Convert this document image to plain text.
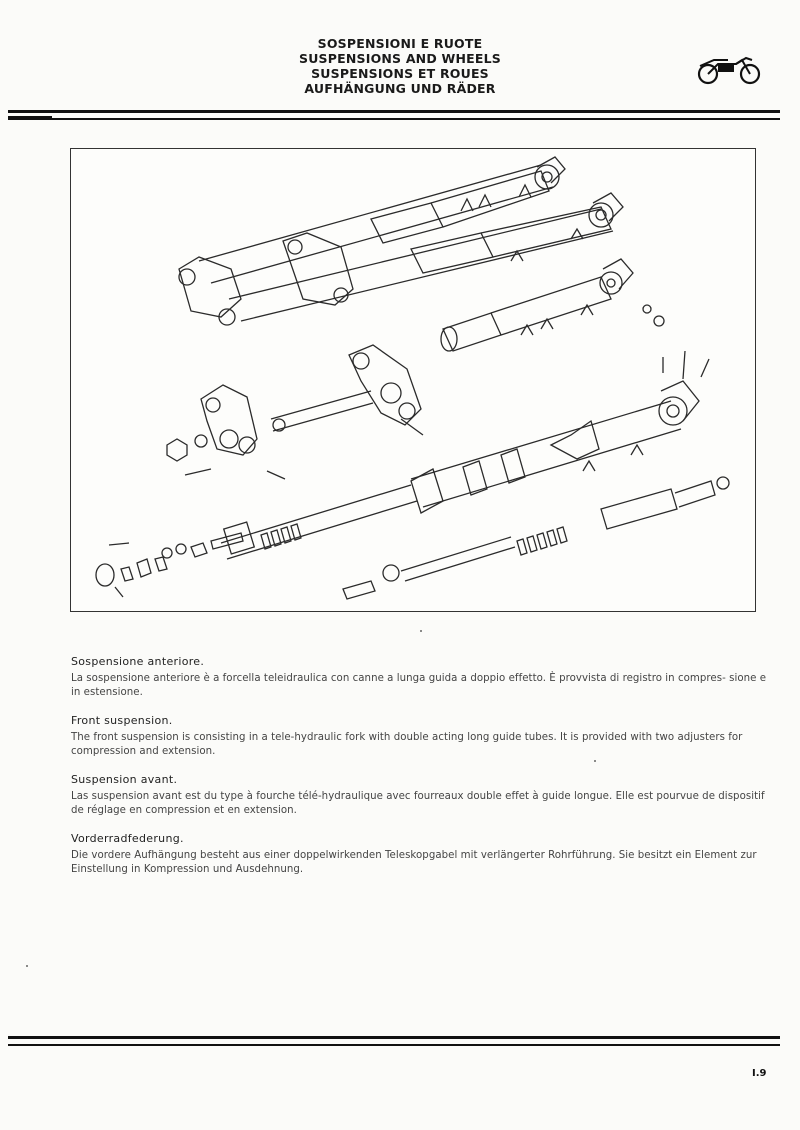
SOSPENSIONI E RUOTE
SUSPENSIONS AND WHEELS
SUSPENSIONS ET ROUES
AUFHÄNGUNG UND RÄDER
Sospensione anteriore.

La sospensione anteriore è a forcella teleidraulica con canne a lunga guida a doppio effetto. È provvista di registro in compres- sione e in estensione.

Front suspension.

The front suspension is consisting in a tele-hydraulic fork with double acting long guide tubes. It is provided with two adjusters for compression and extension.

Suspension avant.

Las suspension avant est du type à fourche télé-hydraulique avec fourreaux double effet à guide longue. Elle est pourvue de dispositif de réglage en compression et en extension.

Vorderradfederung.

Die vordere Aufhängung besteht aus einer doppelwirkenden Teleskopgabel mit verlängerter Rohrführung. Sie besitzt ein Element zur Einstellung in Kompression und Ausdehnung.

I.9
